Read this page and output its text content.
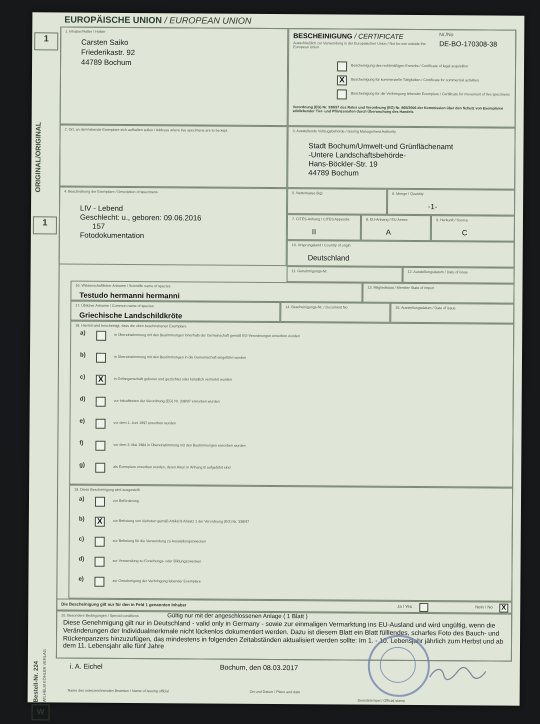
EUROPÄISCHE UNION / EUROPEAN UNION
1
ORIGINAL/ORIGINAL
1
Bestell-Nr. 224 WILHELM KÖHLER VERLAG
W
1. Inhaber/Halter / Holder
Carsten Saiko
Friederikastr. 92
44789 Bochum
BESCHEINIGUNG / CERTIFICATE	Nr./No
DE-BO-170308-38
Ausschließlich zur Verwendung in der Europäischen Union / Not for use outside the European Union
Bescheinigung des rechtmäßigen Erwerbs / Certificate of legal acquisition
X	Bescheinigung für kommerzielle Tätigkeiten / Certificate for commercial activities
Bescheinigung für die Verbringung lebender Exemplare / Certificate for movement of live specimens
Verordnung (EG) Nr. 338/97 des Rates und Verordnung (EG) Nr. 865/2006 der Kommission über den Schutz von Exemplaren wildlebender Tier- und Pflanzenarten durch Überwachung des Handels
2. Ort, an dem lebende Exemplare sich aufhalten sollen / Address where live specimens are to be kept	3. Ausstellende Vollzugsbehörde / Issuing Management Authority
Stadt Bochum/Umwelt-und Grünflächenamt
-Untere Landschaftsbehörde-
Hans-Böckler-Str. 19
44789 Bochum
4. Beschreibung der Exemplare / Description of specimens
LIV - Lebend
Geschlecht: u., geboren: 09.06.2016
157
Fotodokumentation
5. Nettomasse (kg)	6. Menge / Quantity
-1-
7. CITES-Anhang / CITES Appendix
II
8. EU-Anhang / EU Annex
A
9. Herkunft / Source
C
10. Ursprungsland / Country of origin
Deutschland
11. Genehmigungs-Nr.	12. Ausstellungsdatum / Date of issue
16. Wissenschaftlicher Artname / Scientific name of species
Testudo hermanni hermanni
13. Mitgliedstaat / Member State of import
17. Üblicher Artname / Common name of species
Griechische Landschildkröte
14. Bescheinigungs-Nr. / Document No	15. Ausstellungsdatum / Date of issue
18. Hiermit wird bescheinigt, dass die oben beschriebenen Exemplare
a)	in Übereinstimmung mit den Bestimmungen innerhalb der Gemeinschaft gemäß EG-Verordnungen erworben wurden
b)	in Übereinstimmung mit den Bestimmungen in die Gemeinschaft eingeführt wurden
c) X	in Gefangenschaft geboren und gezüchtet oder künstlich vermehrt wurden
d)	vor Inkrafttreten der Verordnung (EG) Nr. 338/97 erworben wurden
e)	vor dem 1. Juni 1997 erworben wurden
f)	vor dem 3. Mai 1984 in Übereinstimmung mit den Bestimmungen erworben wurden
g)	als Exemplare erworben wurden, deren Arten in Anhang B aufgeführt sind
19. Diese Bescheinigung wird ausgestellt
a)	zur Beförderung
b) X	zur Befreiung von Verboten gemäß Artikel 8 Absatz 1 der Verordnung (EG) Nr. 338/97
c)	zur Befreiung für die Verwendung zu Ausstellungszwecken
d)	zur Verwendung zu Forschungs- oder Bildungszwecken
e)	zur Genehmigung der Verbringung lebender Exemplare
Die Bescheinigung gilt nur für den in Feld 1 genannten Inhaber	Ja / Yes	Nein / No	X
20. Besondere Bedingungen / Special conditions	Gültig nur mit der angeschlossenen Anlage ( 1 Blatt )
Diese Genehmigung gilt nur in Deutschland - valid only in Germany - sowie zur einmaligen Vermarktung ins EU-Ausland und wird ungültig, wenn die Veränderungen der Individualmerkmale nicht lückenlos dokumentiert werden. Dazu ist diesem Blatt ein Blatt fülllendes, scharfes Foto des Bauch- und Rückenpanzers hinzuzufügen, das mindestens in folgenden Zeitabständen aktualisiert werden sollte: Im 1. - 10. Lebensjahr jährlich zum Herbst und ab dem 11. Lebensjahr alle fünf Jahre
i. A. Eichel
Name des unterzeichnenden Beamten / Name of issuing official
Bochum, den 08.03.2017
Ort und Datum / Place and date
Dienststempel / Official stamp
